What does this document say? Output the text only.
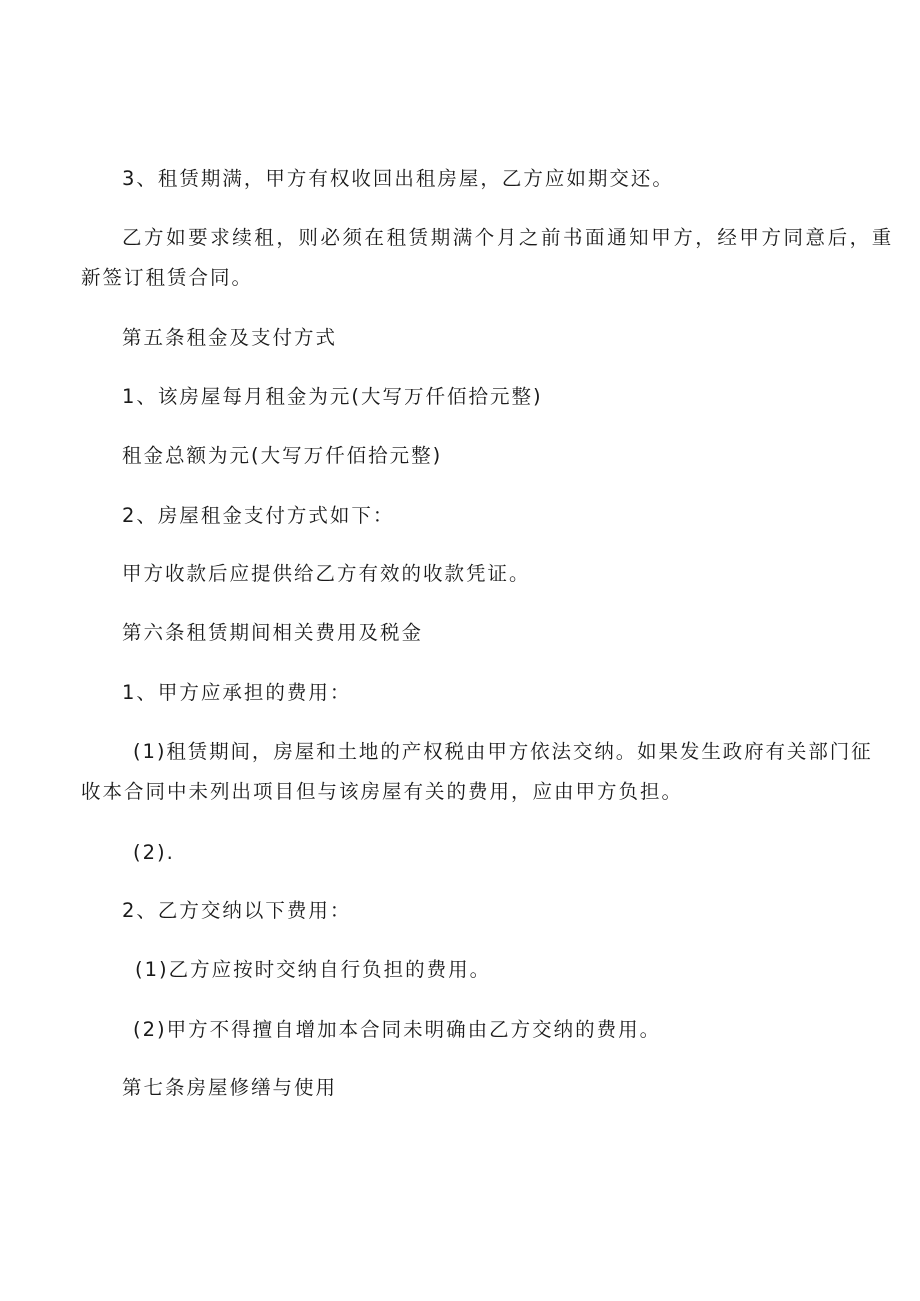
3、租赁期满，甲方有权收回出租房屋，乙方应如期交还。
乙方如要求续租，则必须在租赁期满个月之前书面通知甲方，经甲方同意后，重
新签订租赁合同。
第五条租金及支付方式
1、该房屋每月租金为元(大写万仟佰拾元整)
租金总额为元(大写万仟佰拾元整)
2、房屋租金支付方式如下：
甲方收款后应提供给乙方有效的收款凭证。
第六条租赁期间相关费用及税金
1、甲方应承担的费用：
(1)租赁期间，房屋和土地的产权税由甲方依法交纳。如果发生政府有关部门征
收本合同中未列出项目但与该房屋有关的费用，应由甲方负担。
(2).
2、乙方交纳以下费用：
(1)乙方应按时交纳自行负担的费用。
(2)甲方不得擅自增加本合同未明确由乙方交纳的费用。
第七条房屋修缮与使用
